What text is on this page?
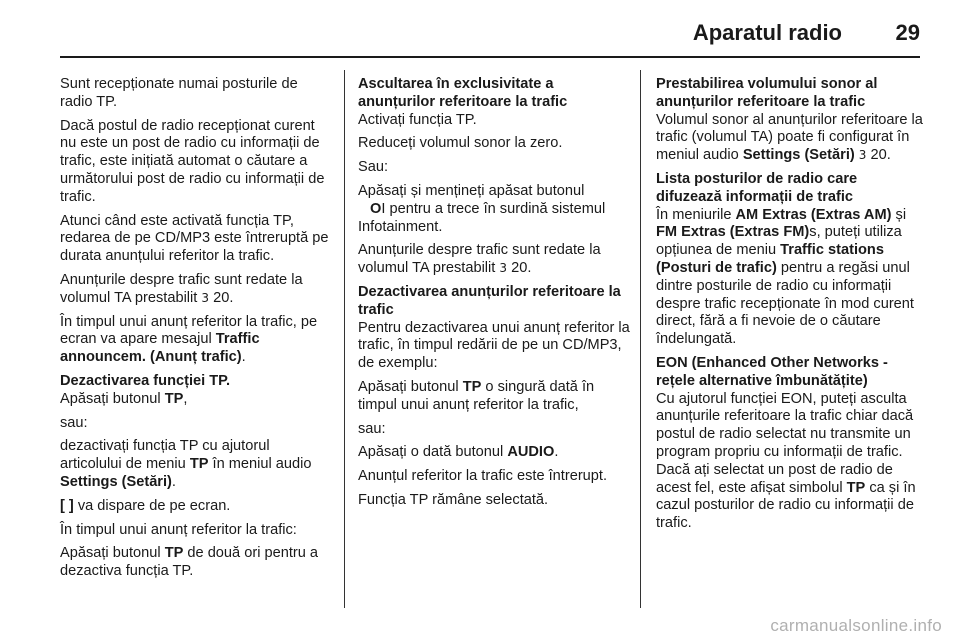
Aparatul radio 29

Sunt recepționate numai posturile de radio TP.

Dacă postul de radio recepționat curent nu este un post de radio cu informații de trafic, este inițiată automat o căutare a următorului post de radio cu informații de trafic.

Atunci când este activată funcția TP, redarea de pe CD/MP3 este întreruptă pe durata anunțului referitor la trafic.

Anunțurile despre trafic sunt redate la volumul TA prestabilit 3 20.

În timpul unui anunț referitor la trafic, pe ecran va apare mesajul Traffic announcem. (Anunț trafic).

Dezactivarea funcției TP.

Apăsați butonul TP,

sau:

dezactivați funcția TP cu ajutorul articolului de meniu TP în meniul audio Settings (Setări).

[ ] va dispare de pe ecran.

În timpul unui anunț referitor la trafic:

Apăsați butonul TP de două ori pentru a dezactiva funcția TP.

Ascultarea în exclusivitate a anunțurilor referitoare la trafic

Activați funcția TP.

Reduceți volumul sonor la zero.

Sau:

Apăsați și mențineți apăsat butonul
OI pentru a trece în surdină sistemul Infotainment.

Anunțurile despre trafic sunt redate la volumul TA prestabilit 3 20.

Dezactivarea anunțurilor referitoare la trafic

Pentru dezactivarea unui anunț referitor la trafic, în timpul redării de pe un CD/MP3, de exemplu:

Apăsați butonul TP o singură dată în timpul unui anunț referitor la trafic,

sau:

Apăsați o dată butonul AUDIO.

Anunțul referitor la trafic este întrerupt.

Funcția TP rămâne selectată.

Prestabilirea volumului sonor al anunțurilor referitoare la trafic

Volumul sonor al anunțurilor referitoare la trafic (volumul TA) poate fi configurat în meniul audio Settings (Setări) 3 20.

Lista posturilor de radio care difuzează informații de trafic

În meniurile AM Extras (Extras AM) și FM Extras (Extras FM)s, puteți utiliza opțiunea de meniu Traffic stations (Posturi de trafic) pentru a regăsi unul dintre posturile de radio cu informații despre trafic recepționate în mod curent direct, fără a fi nevoie de o căutare îndelungată.

EON (Enhanced Other Networks - rețele alternative îmbunătățite)

Cu ajutorul funcției EON, puteți asculta anunțurile referitoare la trafic chiar dacă postul de radio selectat nu transmite un program propriu cu informații de trafic. Dacă ați selectat un post de radio de acest fel, este afișat simbolul TP ca și în cazul posturilor de radio cu informații de trafic.

carmanualsonline.info
